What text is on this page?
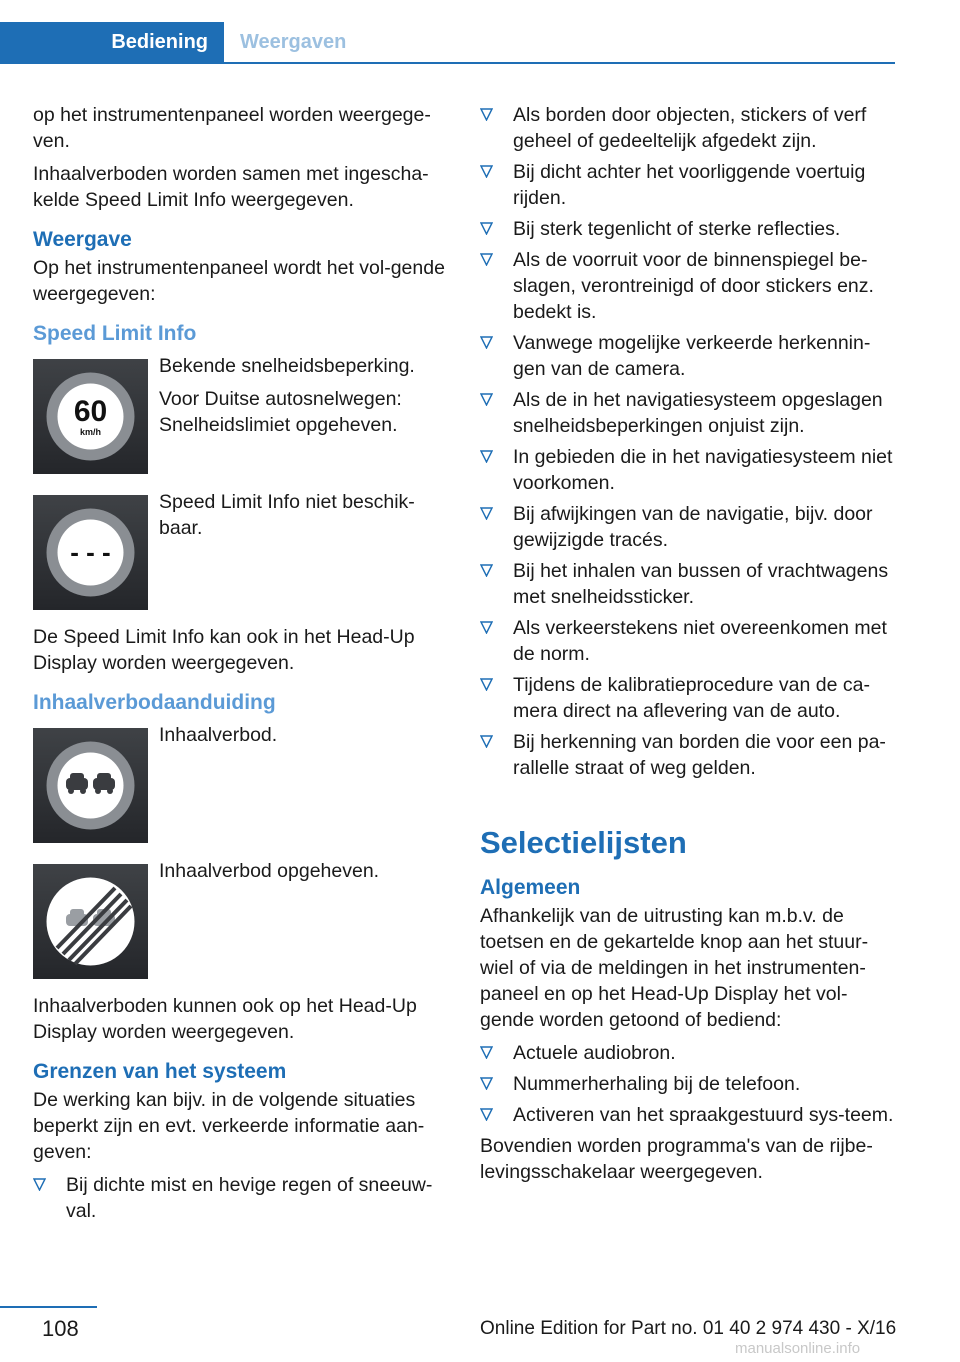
Bediening	Weergaven

op het instrumentenpaneel worden weergege-ven.

Inhaalverboden worden samen met ingescha-kelde Speed Limit Info weergegeven.

Weergave

Op het instrumentenpaneel wordt het vol-gende weergegeven:

Speed Limit Info
60
km/h

Bekende snelheidsbeperking.

Voor Duitse autosnelwegen: Snelheidslimiet opgeheven.

- - -

Speed Limit Info niet beschik-baar.

De Speed Limit Info kan ook in het Head-Up Display worden weergegeven.

Inhaalverbodaanduiding

Inhaalverbod.

Inhaalverbod opgeheven.

Inhaalverboden kunnen ook op het Head-Up Display worden weergegeven.

Grenzen van het systeem

De werking kan bijv. in de volgende situaties beperkt zijn en evt. verkeerde informatie aan-geven:

Bij dichte mist en hevige regen of sneeuw-val.
Als borden door objecten, stickers of verf geheel of gedeeltelijk afgedekt zijn.
Bij dicht achter het voorliggende voertuig rijden.
Bij sterk tegenlicht of sterke reflecties.
Als de voorruit voor de binnenspiegel be-slagen, verontreinigd of door stickers enz. bedekt is.
Vanwege mogelijke verkeerde herkennin-gen van de camera.
Als de in het navigatiesysteem opgeslagen snelheidsbeperkingen onjuist zijn.
In gebieden die in het navigatiesysteem niet voorkomen.
Bij afwijkingen van de navigatie, bijv. door gewijzigde tracés.
Bij het inhalen van bussen of vrachtwagens met snelheidssticker.
Als verkeerstekens niet overeenkomen met de norm.
Tijdens de kalibratieprocedure van de ca-mera direct na aflevering van de auto.
Bij herkenning van borden die voor een pa-rallelle straat of weg gelden.
Selectielijsten
Algemeen

Afhankelijk van de uitrusting kan m.b.v. de toetsen en de gekartelde knop aan het stuur-wiel of via de meldingen in het instrumenten-paneel en op het Head-Up Display het vol-gende worden getoond of bediend:

Actuele audiobron.
Nummerherhaling bij de telefoon.
Activeren van het spraakgestuurd sys-teem.

Bovendien worden programma's van de rijbe-levingsschakelaar weergegeven.

108	Online Edition for Part no. 01 40 2 974 430 - X/16
manualsonline.info
